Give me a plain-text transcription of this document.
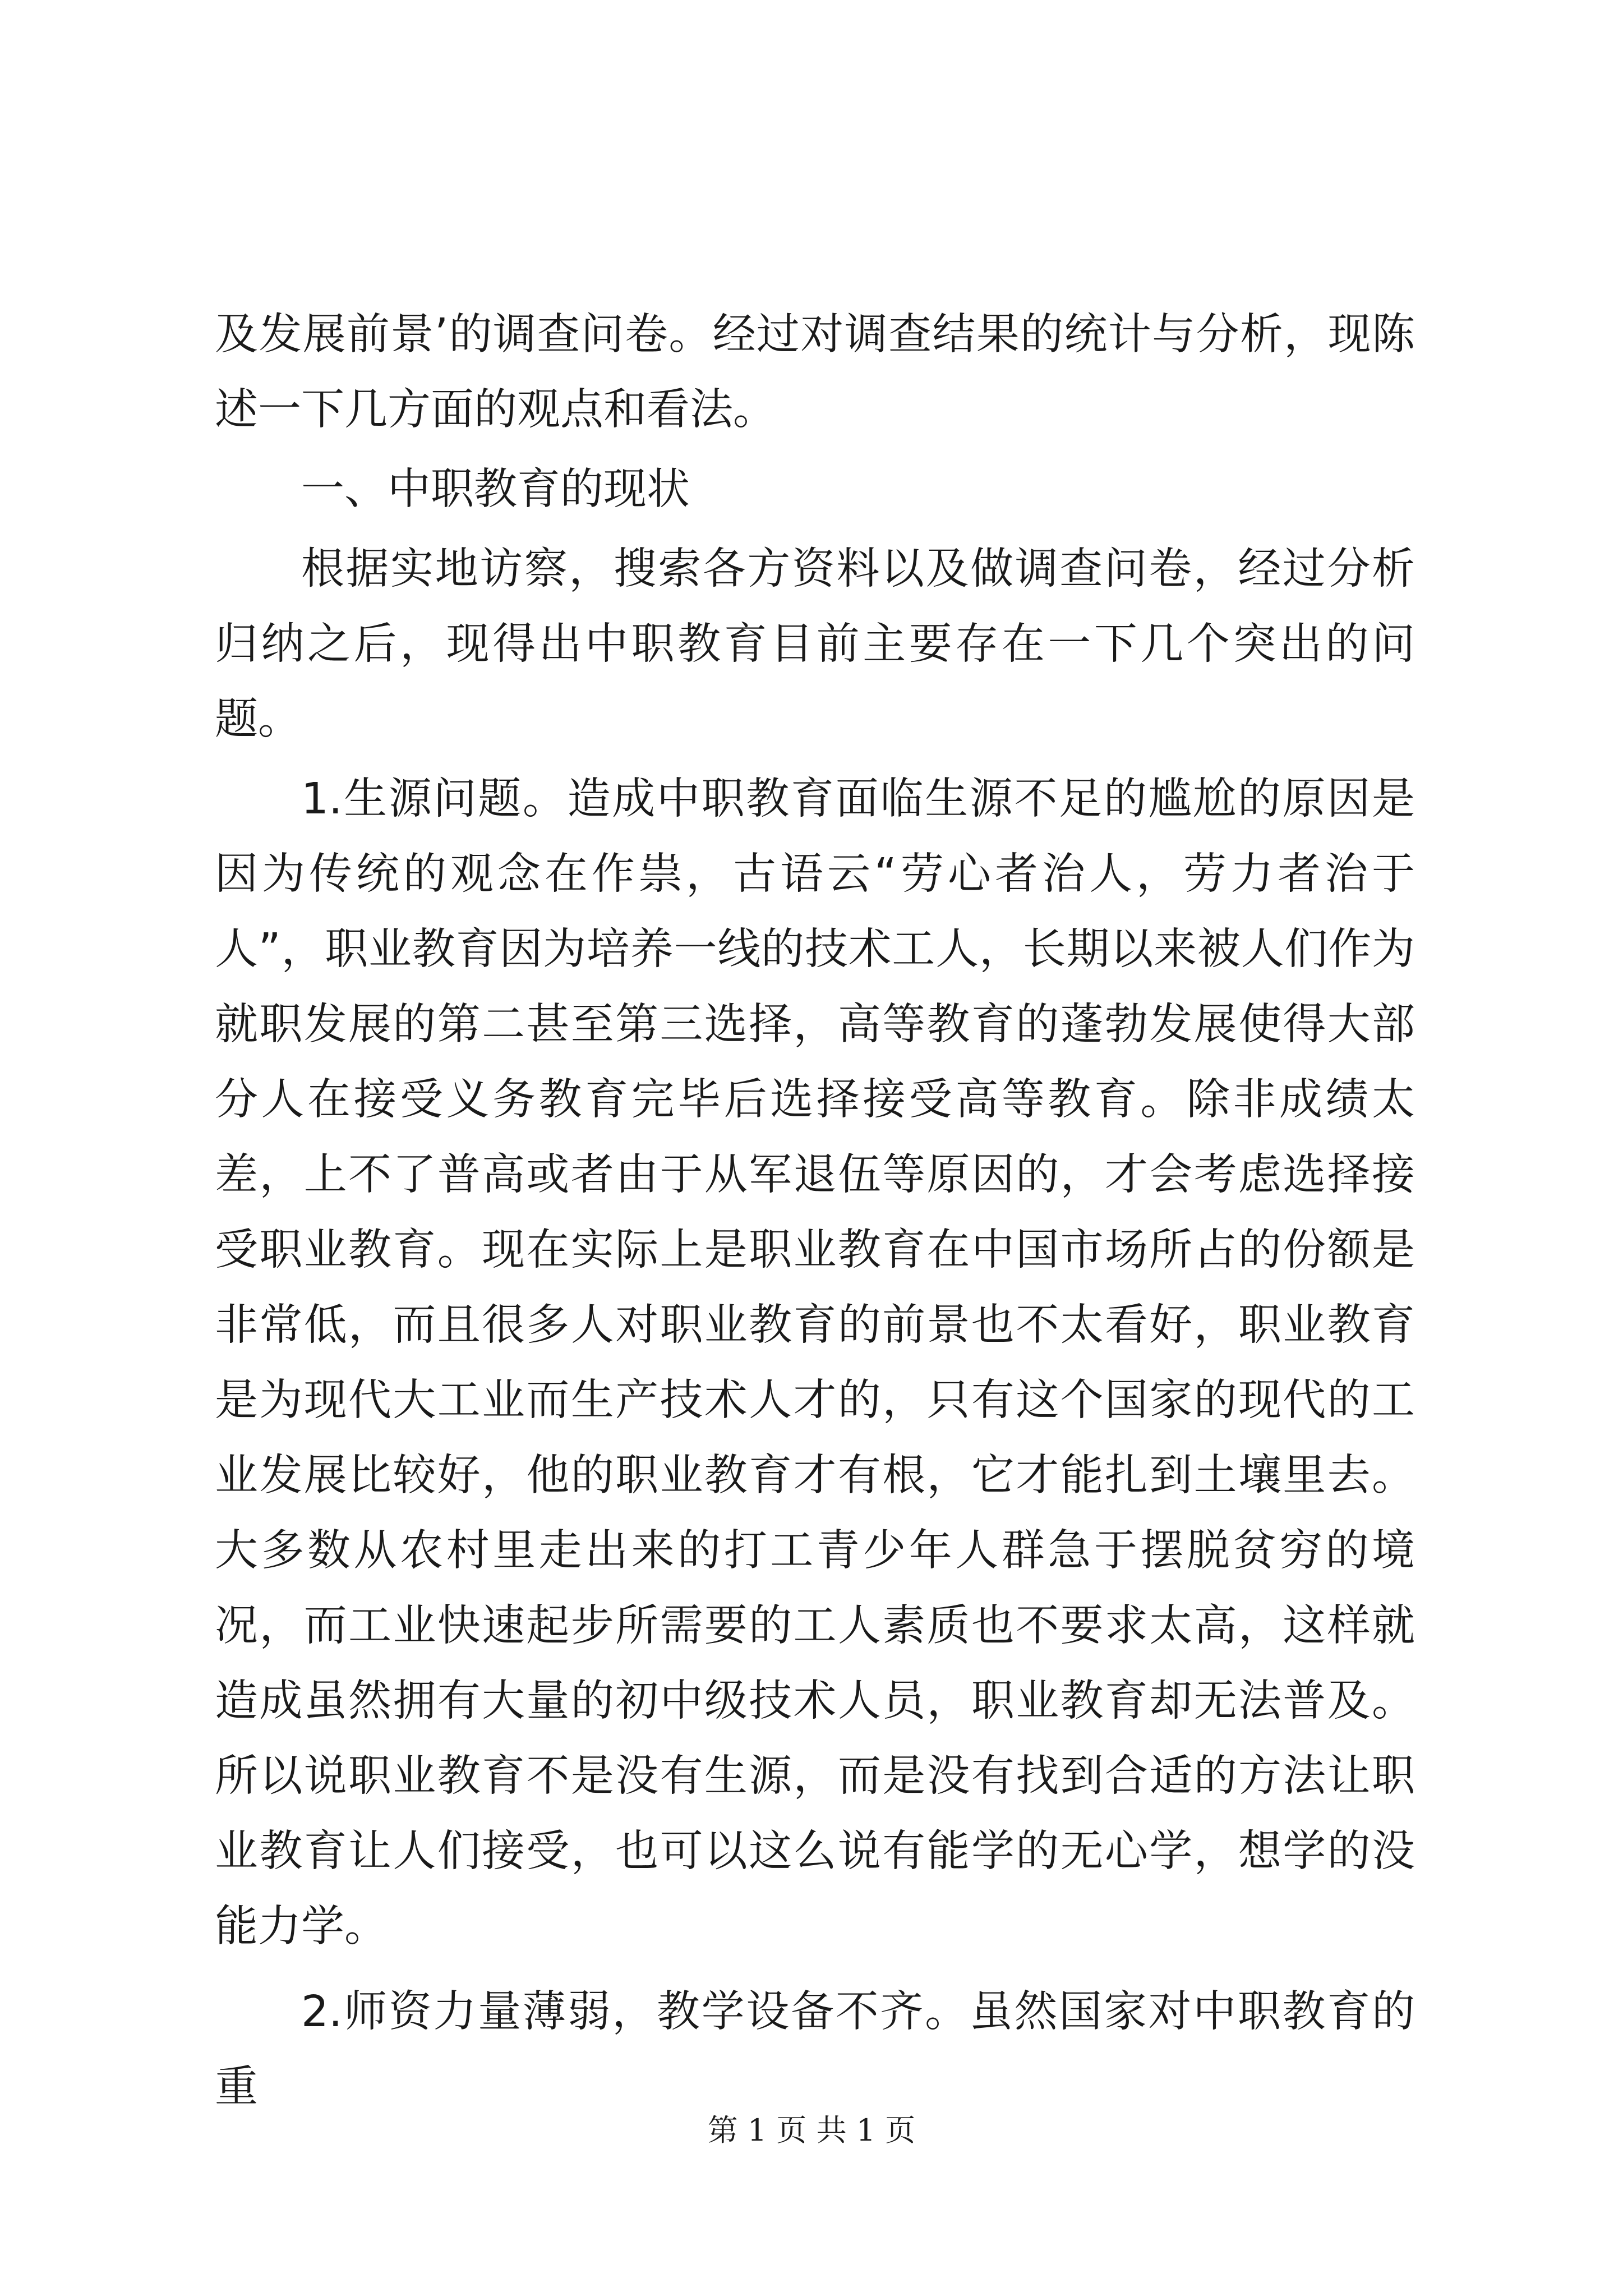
及发展前景’的调查问卷。经过对调查结果的统计与分析，现陈述一下几方面的观点和看法。

一、中职教育的现状

根据实地访察，搜索各方资料以及做调查问卷，经过分析归纳之后，现得出中职教育目前主要存在一下几个突出的问题。

1.生源问题。造成中职教育面临生源不足的尴尬的原因是因为传统的观念在作祟，古语云“劳心者治人，劳力者治于人”，职业教育因为培养一线的技术工人，长期以来被人们作为就职发展的第二甚至第三选择，高等教育的蓬勃发展使得大部分人在接受义务教育完毕后选择接受高等教育。除非成绩太差，上不了普高或者由于从军退伍等原因的，才会考虑选择接受职业教育。现在实际上是职业教育在中国市场所占的份额是非常低，而且很多人对职业教育的前景也不太看好，职业教育是为现代大工业而生产技术人才的，只有这个国家的现代的工业发展比较好，他的职业教育才有根，它才能扎到土壤里去。大多数从农村里走出来的打工青少年人群急于摆脱贫穷的境况，而工业快速起步所需要的工人素质也不要求太高，这样就造成虽然拥有大量的初中级技术人员，职业教育却无法普及。所以说职业教育不是没有生源，而是没有找到合适的方法让职业教育让人们接受，也可以这么说有能学的无心学，想学的没能力学。

2.师资力量薄弱，教学设备不齐。虽然国家对中职教育的重

第 1 页 共 1 页
